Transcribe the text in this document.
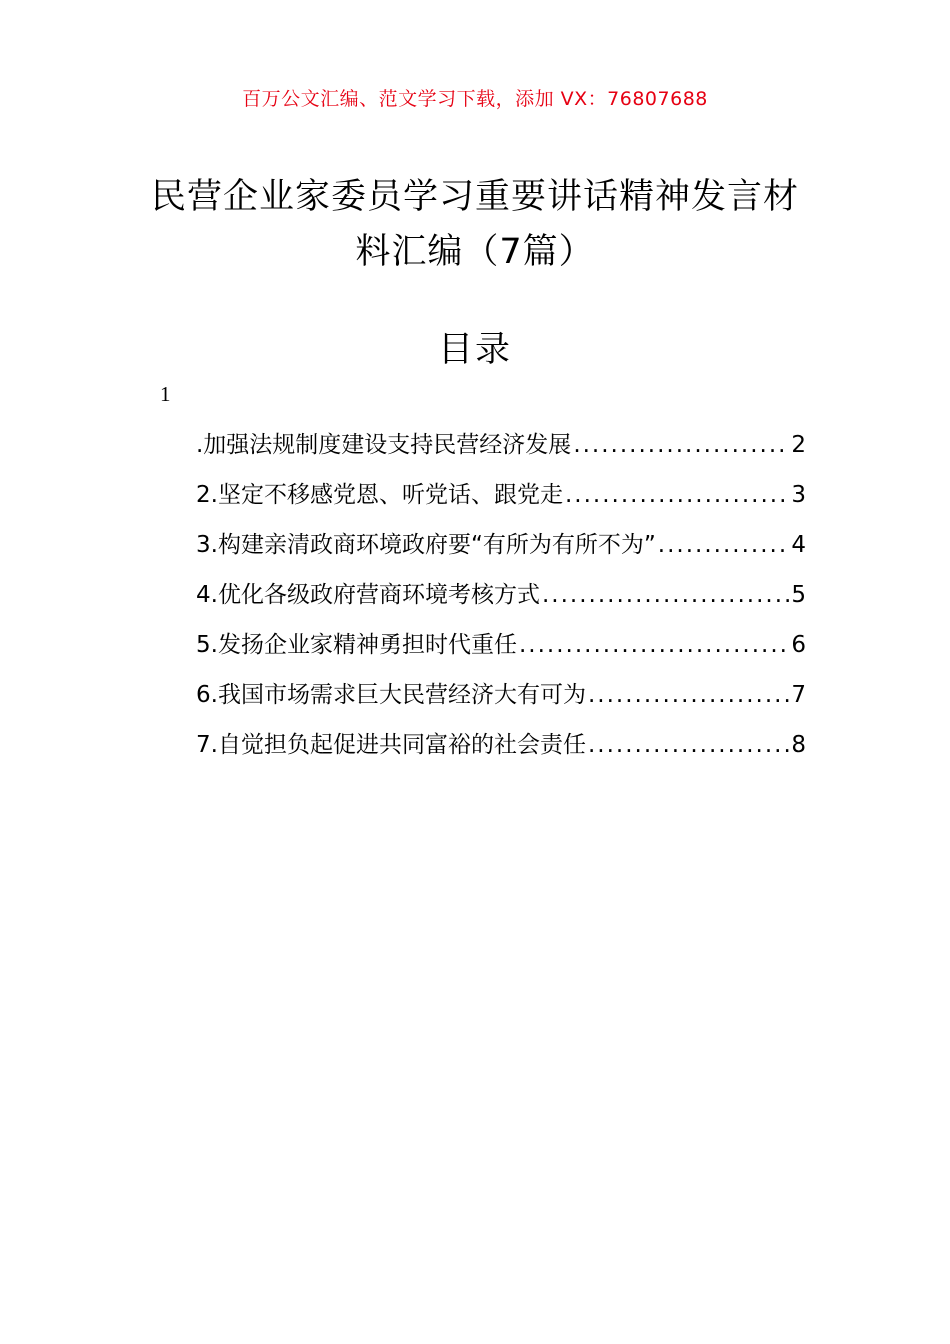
百万公文汇编、范文学习下载，添加 VX：76807688
民营企业家委员学习重要讲话精神发言材
料汇编（7篇）
目录
1
.加强法规制度建设支持民营经济发展 .....	2
2.坚定不移感党恩、听党话、跟党走 .....	3
3.构建亲清政商环境政府要“有所为有所不为” .....	4
4.优化各级政府营商环境考核方式 .....	5
5.发扬企业家精神勇担时代重任 .....	6
6.我国市场需求巨大民营经济大有可为 .....	7
7.自觉担负起促进共同富裕的社会责任 .....	8
